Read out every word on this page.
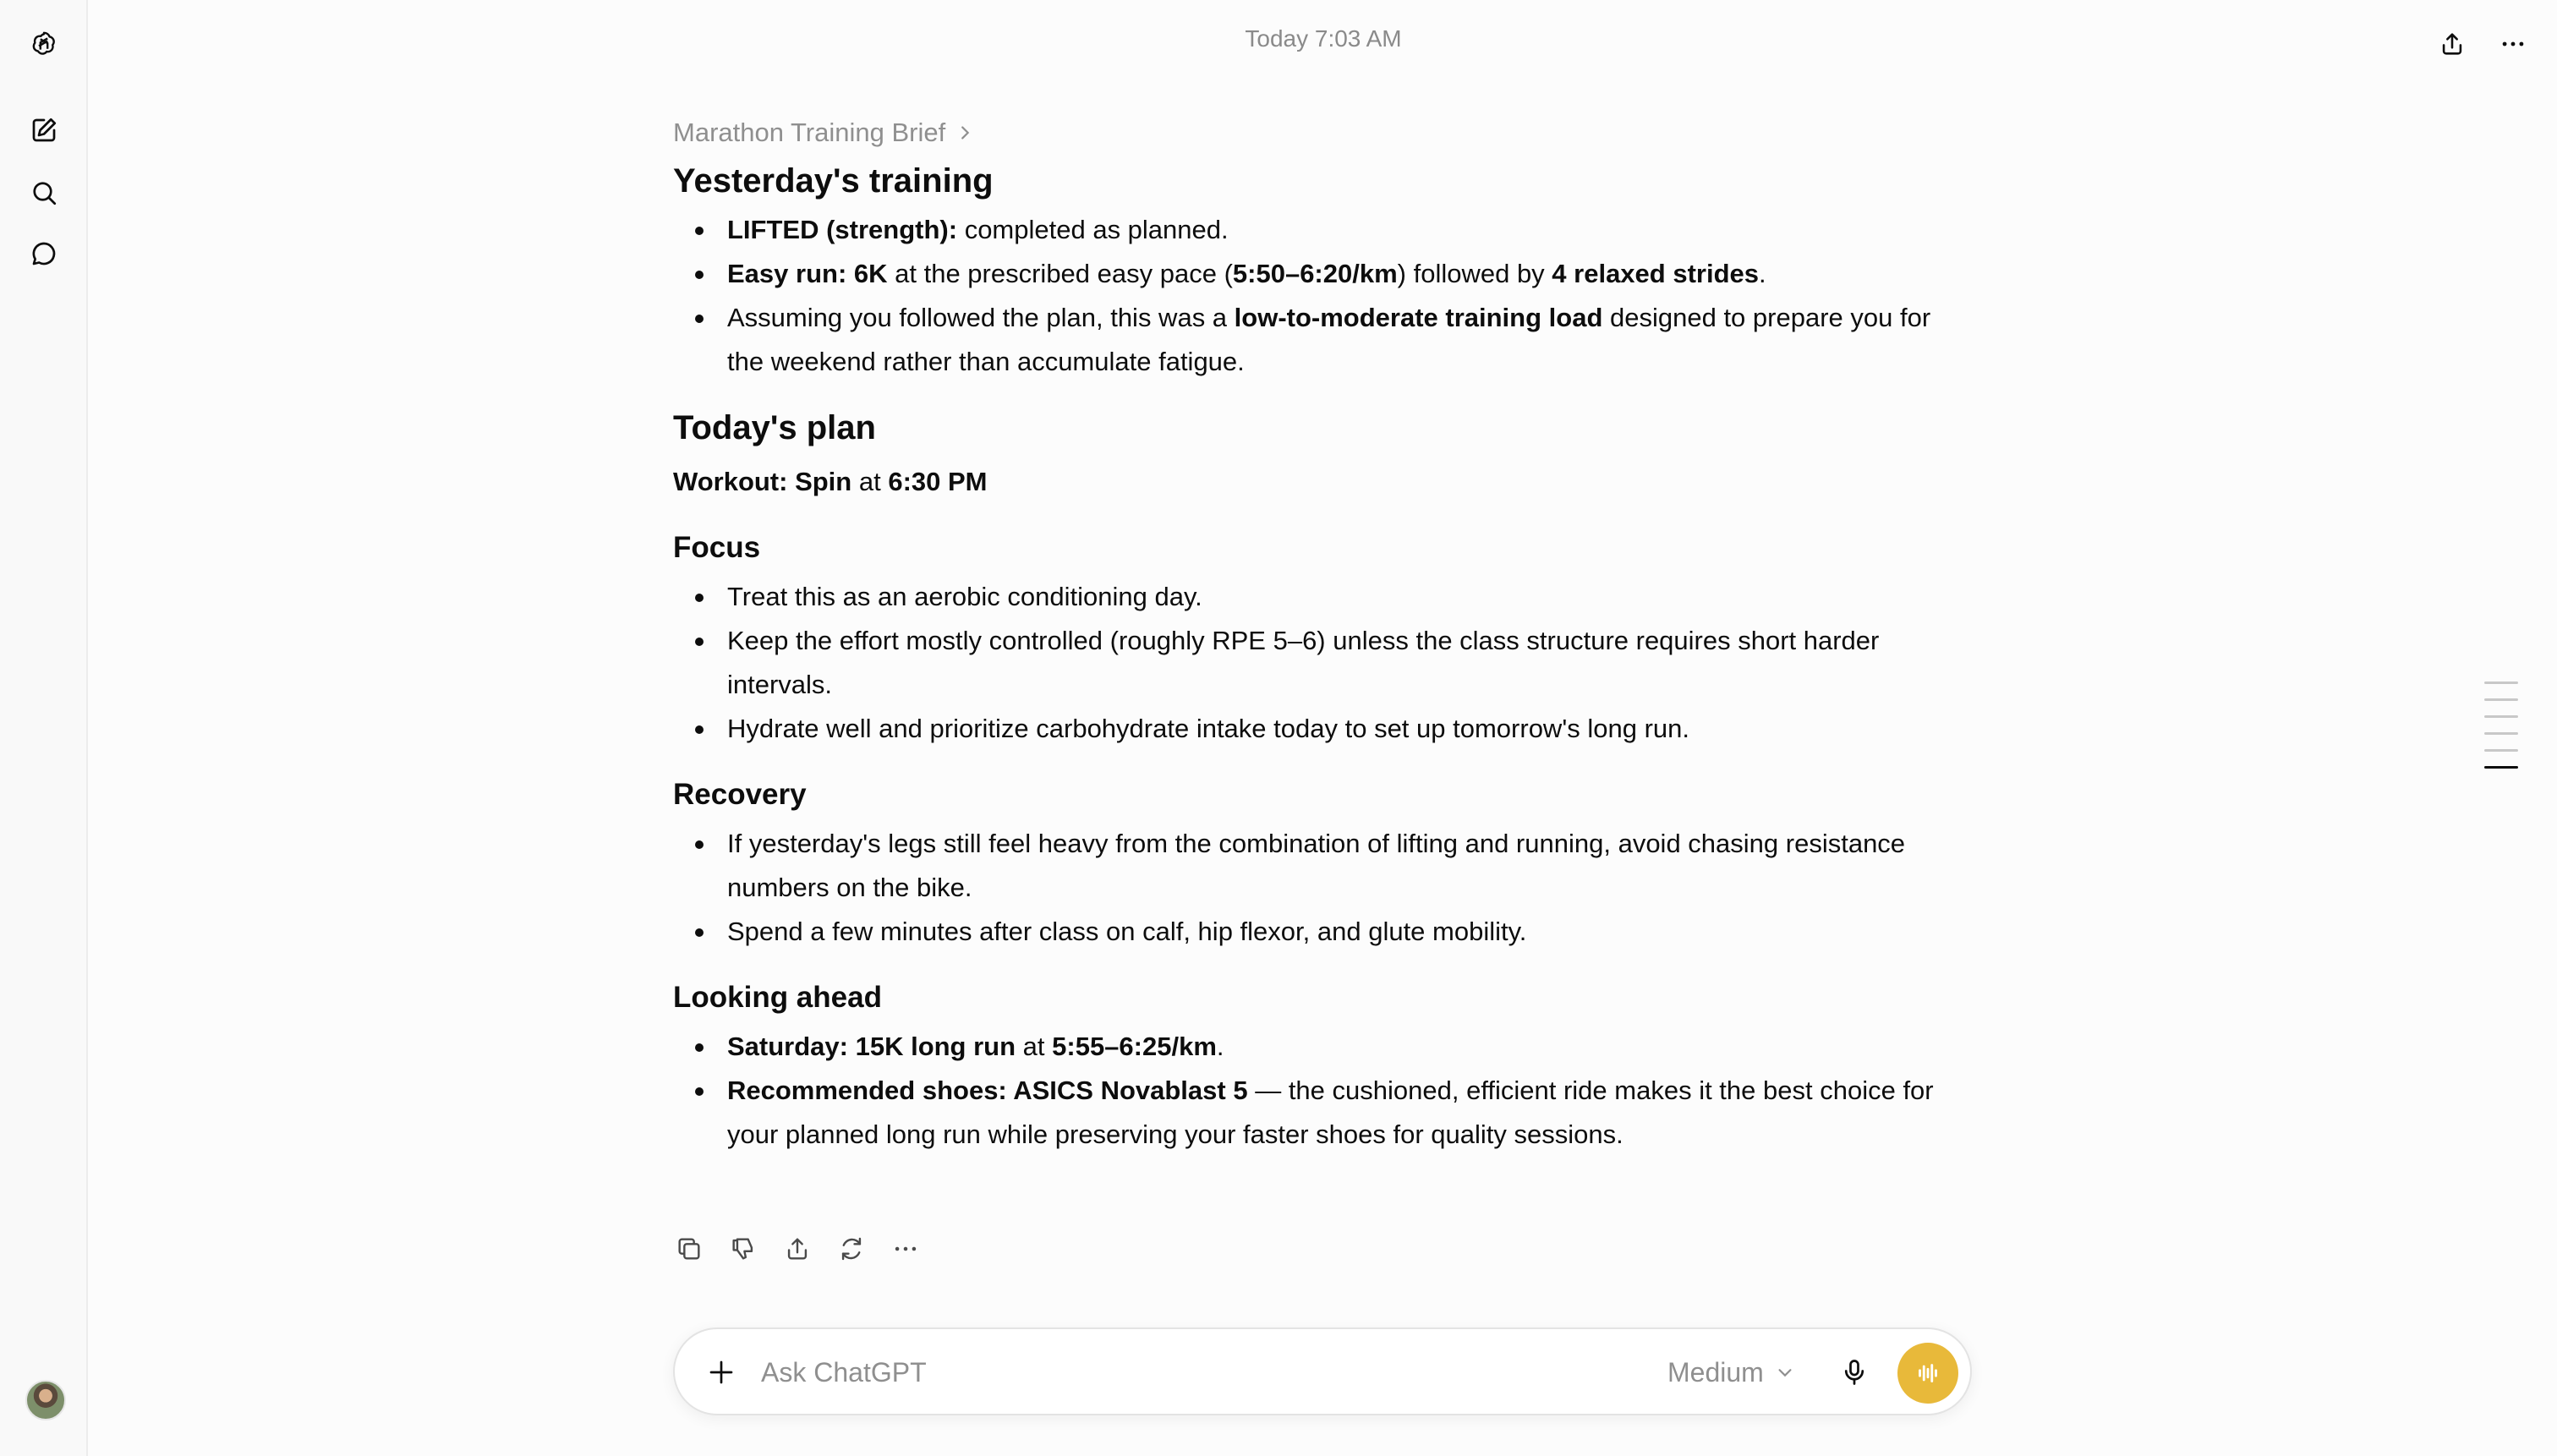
Today 7:03 AM
Marathon Training Brief
Yesterday's training
LIFTED (strength): completed as planned.
Easy run: 6K at the prescribed easy pace (5:50–6:20/km) followed by 4 relaxed strides.
Assuming you followed the plan, this was a low-to-moderate training load designed to prepare you for the weekend rather than accumulate fatigue.
Today's plan

Workout: Spin at 6:30 PM

Focus
Treat this as an aerobic conditioning day.
Keep the effort mostly controlled (roughly RPE 5–6) unless the class structure requires short harder intervals.
Hydrate well and prioritize carbohydrate intake today to set up tomorrow's long run.
Recovery
If yesterday's legs still feel heavy from the combination of lifting and running, avoid chasing resistance numbers on the bike.
Spend a few minutes after class on calf, hip flexor, and glute mobility.
Looking ahead
Saturday: 15K long run at 5:55–6:25/km.
Recommended shoes: ASICS Novablast 5 — the cushioned, efficient ride makes it the best choice for your planned long run while preserving your faster shoes for quality sessions.
Ask ChatGPT
Medium
